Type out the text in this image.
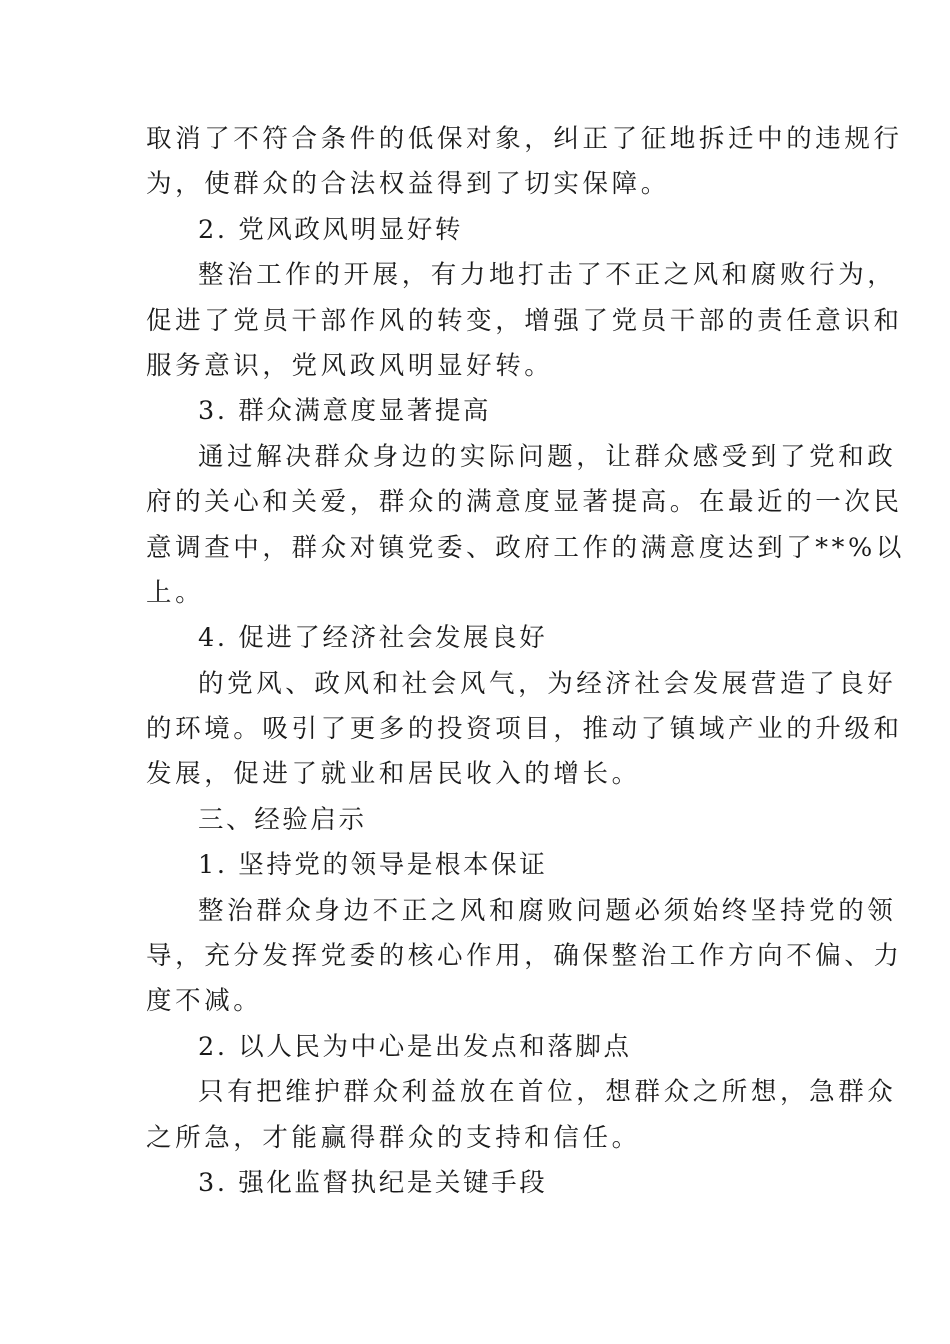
取消了不符合条件的低保对象，纠正了征地拆迁中的违规行
为，使群众的合法权益得到了切实保障。
2. 党风政风明显好转
整治工作的开展，有力地打击了不正之风和腐败行为，
促进了党员干部作风的转变，增强了党员干部的责任意识和
服务意识，党风政风明显好转。
3. 群众满意度显著提高
通过解决群众身边的实际问题，让群众感受到了党和政
府的关心和关爱，群众的满意度显著提高。在最近的一次民
意调查中，群众对镇党委、政府工作的满意度达到了**%以
上。
4. 促进了经济社会发展良好
的党风、政风和社会风气，为经济社会发展营造了良好
的环境。吸引了更多的投资项目，推动了镇域产业的升级和
发展，促进了就业和居民收入的增长。
三、经验启示
1. 坚持党的领导是根本保证
整治群众身边不正之风和腐败问题必须始终坚持党的领
导，充分发挥党委的核心作用，确保整治工作方向不偏、力
度不减。
2. 以人民为中心是出发点和落脚点
只有把维护群众利益放在首位，想群众之所想，急群众
之所急，才能赢得群众的支持和信任。
3. 强化监督执纪是关键手段
